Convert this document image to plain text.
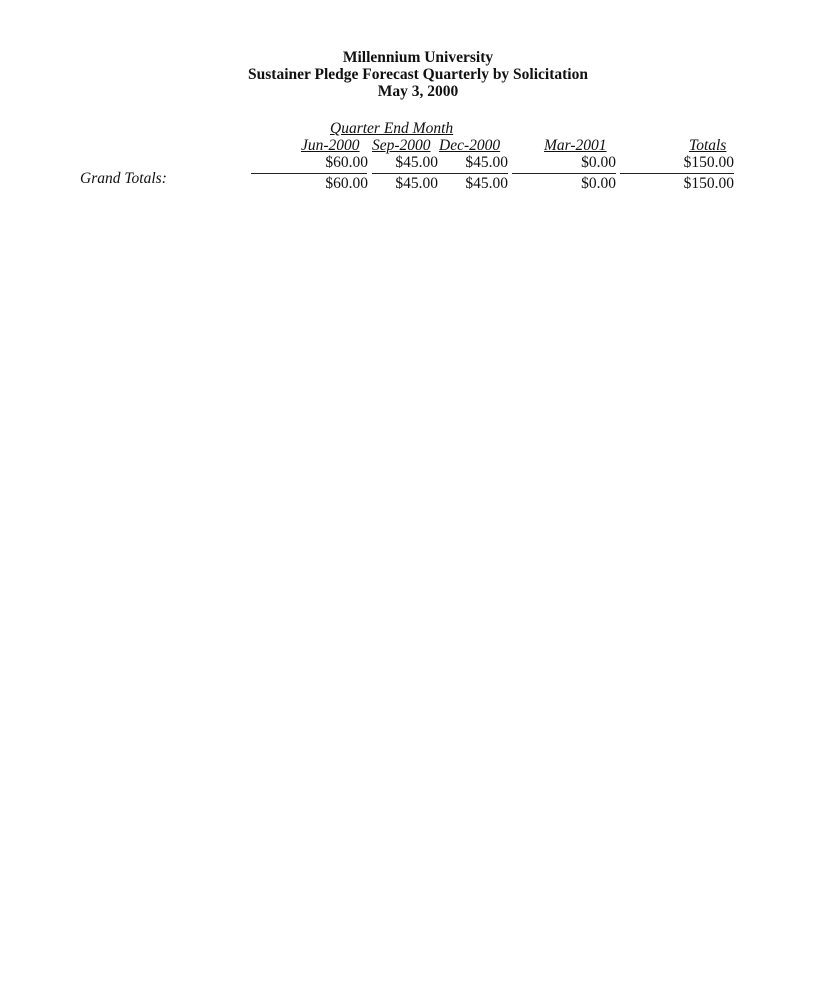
Millennium University
Sustainer Pledge Forecast Quarterly by Solicitation
May 3, 2000
Quarter End Month
Jun-2000 Sep-2000 Dec-2000	Mar-2001	Totals
$60.00	$45.00	$45.00	$0.00	$150.00
Grand Totals:	$60.00	$45.00	$45.00	$0.00	$150.00
